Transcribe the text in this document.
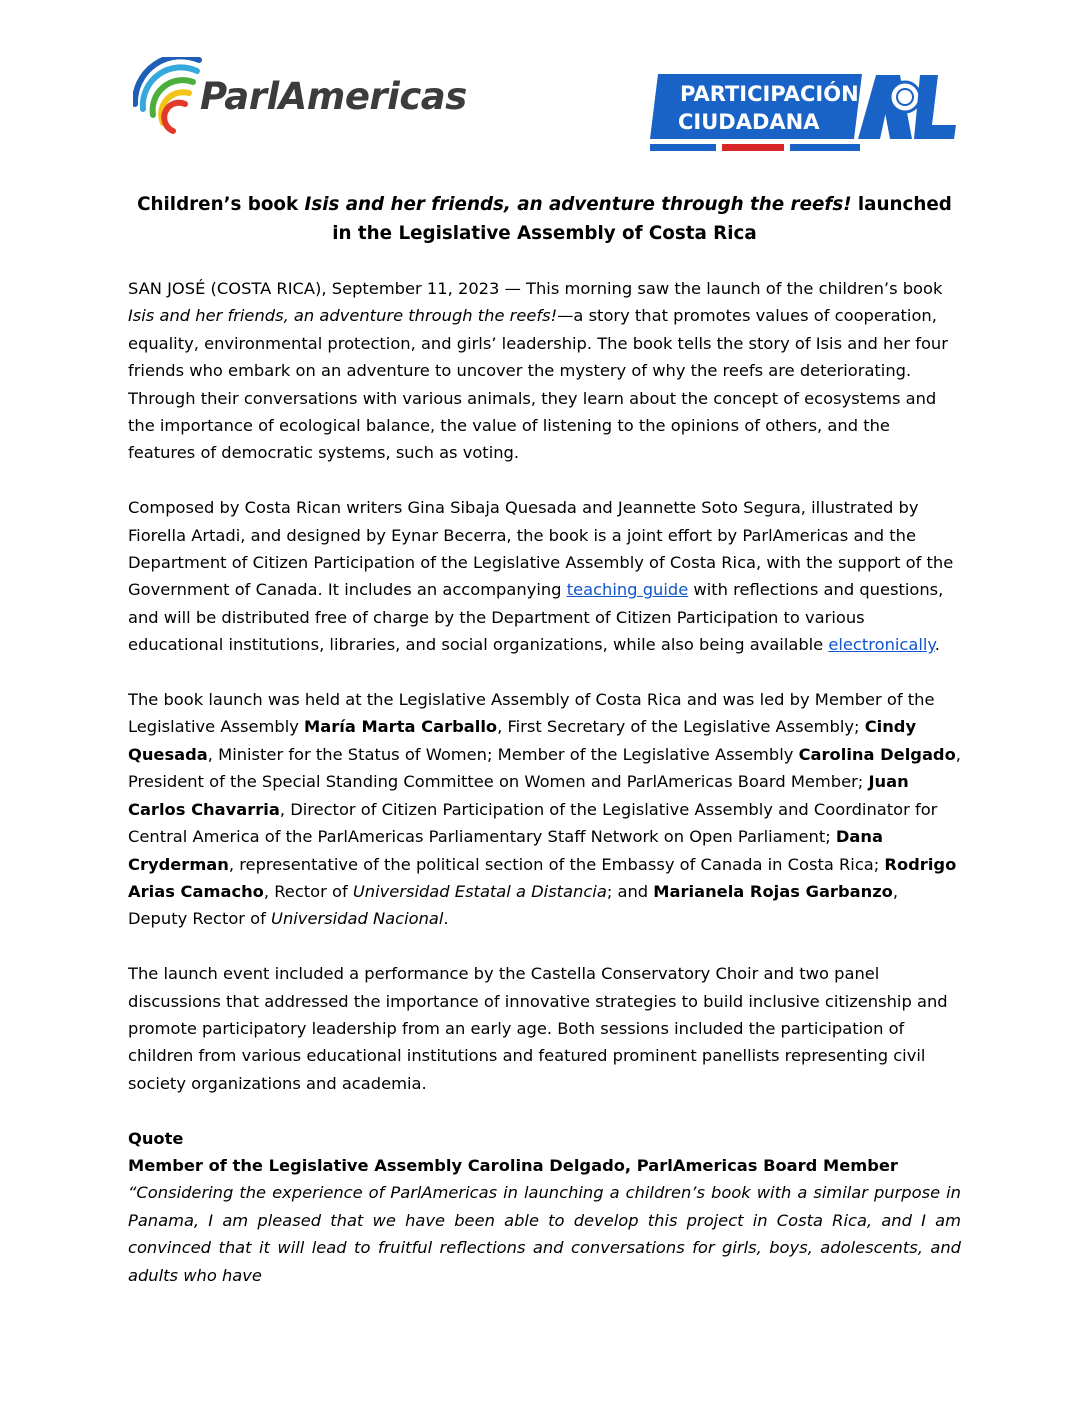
ParlAmericas	PARTICIPACIÓN
CIUDADANA
AL
Children’s book Isis and her friends, an adventure through the reefs! launched in the Legislative Assembly of Costa Rica

SAN JOSÉ (COSTA RICA), September 11, 2023 — This morning saw the launch of the children’s book Isis and her friends, an adventure through the reefs!—a story that promotes values of cooperation, equality, environmental protection, and girls’ leadership. The book tells the story of Isis and her four friends who embark on an adventure to uncover the mystery of why the reefs are deteriorating. Through their conversations with various animals, they learn about the concept of ecosystems and the importance of ecological balance, the value of listening to the opinions of others, and the features of democratic systems, such as voting.

Composed by Costa Rican writers Gina Sibaja Quesada and Jeannette Soto Segura, illustrated by Fiorella Artadi, and designed by Eynar Becerra, the book is a joint effort by ParlAmericas and the Department of Citizen Participation of the Legislative Assembly of Costa Rica, with the support of the Government of Canada. It includes an accompanying teaching guide with reflections and questions, and will be distributed free of charge by the Department of Citizen Participation to various educational institutions, libraries, and social organizations, while also being available electronically.

The book launch was held at the Legislative Assembly of Costa Rica and was led by Member of the Legislative Assembly María Marta Carballo, First Secretary of the Legislative Assembly; Cindy Quesada, Minister for the Status of Women; Member of the Legislative Assembly Carolina Delgado, President of the Special Standing Committee on Women and ParlAmericas Board Member; Juan Carlos Chavarria, Director of Citizen Participation of the Legislative Assembly and Coordinator for Central America of the ParlAmericas Parliamentary Staff Network on Open Parliament; Dana Cryderman, representative of the political section of the Embassy of Canada in Costa Rica; Rodrigo Arias Camacho, Rector of Universidad Estatal a Distancia; and Marianela Rojas Garbanzo, Deputy Rector of Universidad Nacional.

The launch event included a performance by the Castella Conservatory Choir and two panel discussions that addressed the importance of innovative strategies to build inclusive citizenship and promote participatory leadership from an early age. Both sessions included the participation of children from various educational institutions and featured prominent panellists representing civil society organizations and academia.

Quote
Member of the Legislative Assembly Carolina Delgado, ParlAmericas Board Member
“Considering the experience of ParlAmericas in launching a children’s book with a similar purpose in Panama, I am pleased that we have been able to develop this project in Costa Rica, and I am convinced that it will lead to fruitful reflections and conversations for girls, boys, adolescents, and adults who have
